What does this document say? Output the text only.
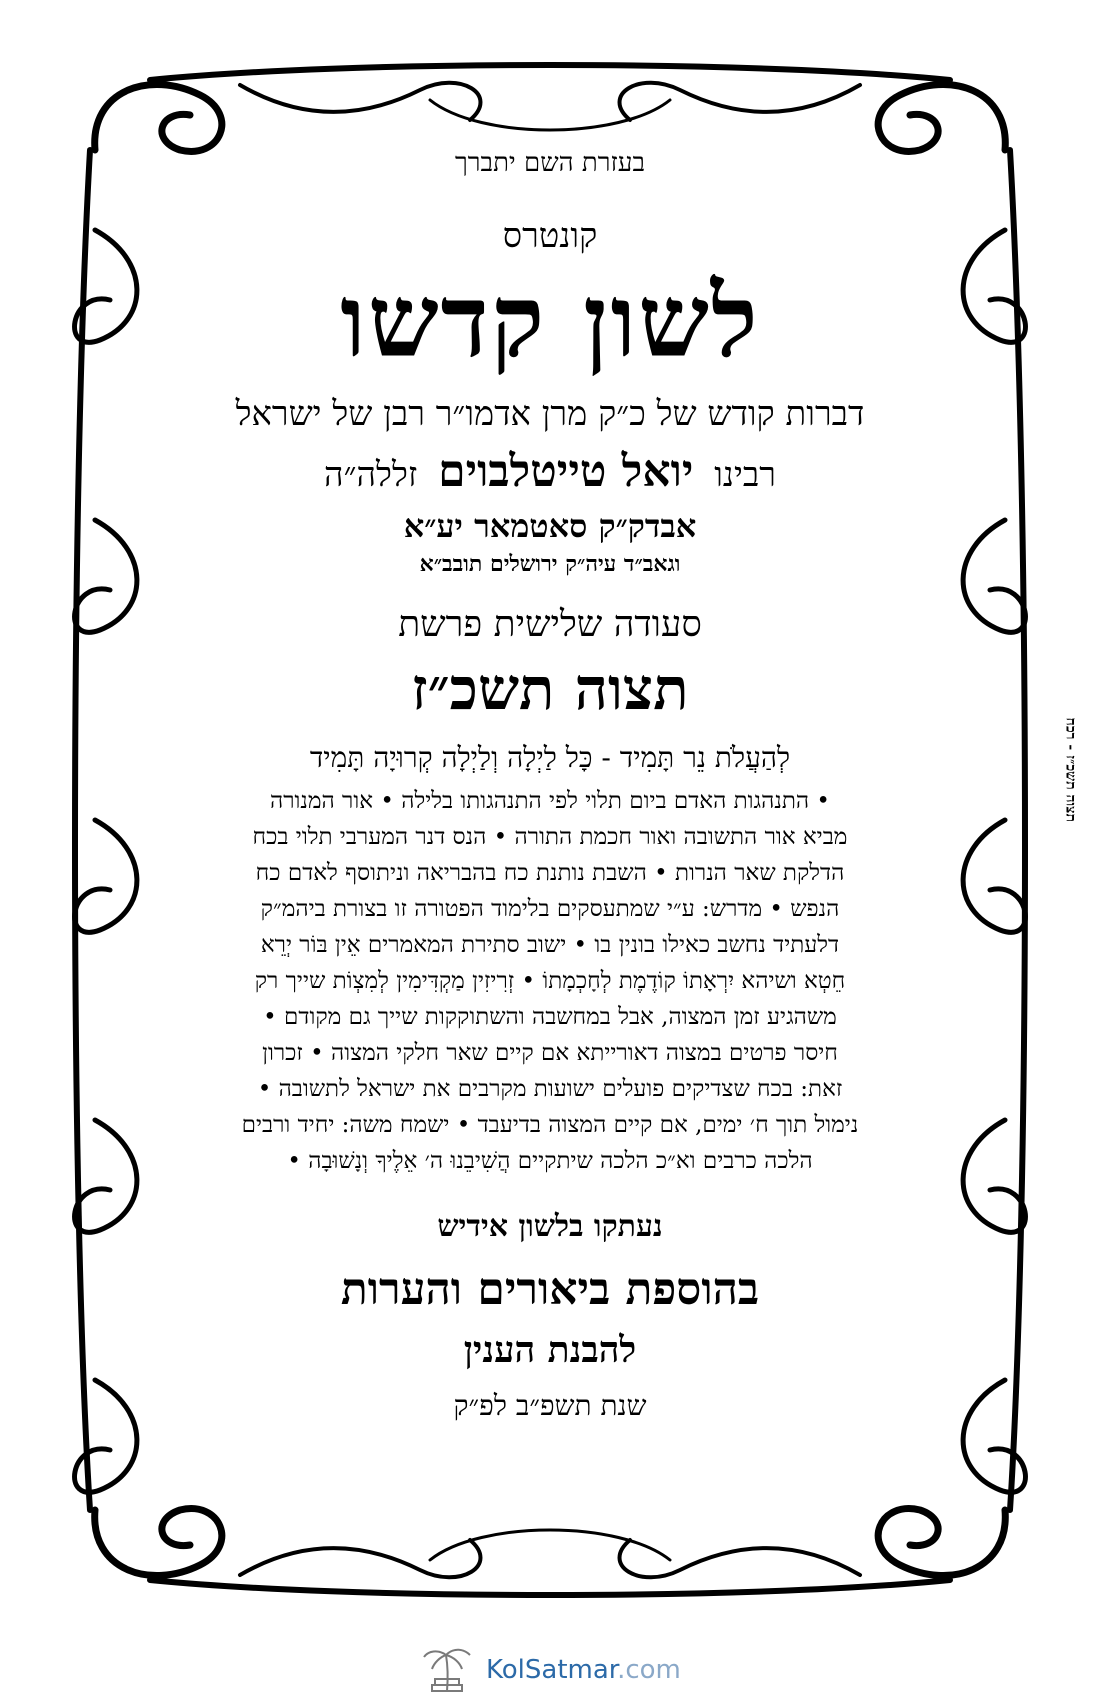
בעזרת השם יתברך

קונטרס

לשון קדשו

דברות קודש של כ״ק מרן אדמו״ר רבן של ישראל

רבינו יואל טייטלבוים זללה״ה

אבדק״ק סאטמאר יע״א

וגאב״ד עיה״ק ירושלים תובב״א

סעודה שלישית פרשת

תצוה תשכ״ז

לְהַעֲלֹת נֵר תָּמִיד - כָּל לַיְלָה וְלַיְלָה קְרוּיָה תָּמִיד

• התנהגות האדם ביום תלוי לפי התנהגותו בלילה • אור המנורה
מביא אור התשובה ואור חכמת התורה • הנס דנר המערבי תלוי בכח
הדלקת שאר הנרות • השבת נותנת כח בהבריאה וניתוסף לאדם כח
הנפש • מדרש: ע״י שמתעסקים בלימוד הפטורה זו בצורת ביהמ״ק
דלעתיד נחשב כאילו בונין בו • ישוב סתירת המאמרים אֵין בּוֹר יְרֵא
חֵטְא ושיהא יִרְאָתוֹ קוֹדֶמֶת לְחָכְמָתוֹ • זְרִיזִין מַקְדִּימִין לְמִצְוֹת שייך רק
משהגיע זמן המצוה, אבל במחשבה והשתוקקות שייך גם מקודם •
חיסר פרטים במצוה דאורייתא אם קיים שאר חלקי המצוה • זכרון
זאת: בכח שצדיקים פועלים ישועות מקרבים את ישראל לתשובה •
נימול תוך ח׳ ימים, אם קיים המצוה בדיעבד • ישמח משה: יחיד ורבים
הלכה כרבים וא״כ הלכה שיתקיים הֲשִׁיבֵנוּ ה׳ אֵלֶיךָ וְנָשׁוּבָה •

נעתקו בלשון אידיש

בהוספת ביאורים והערות

להבנת הענין

שנת תשפ״ב לפ״ק

תצוה תשכ״ז - רכח
KolSatmar.com
